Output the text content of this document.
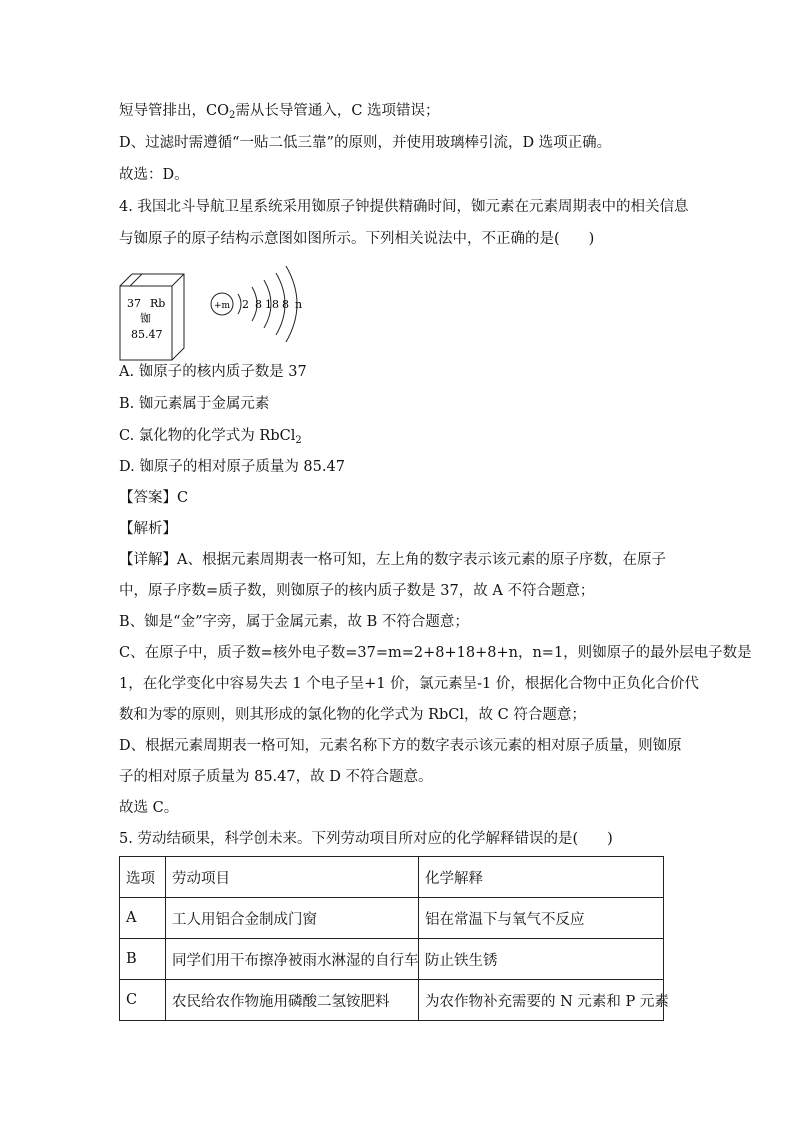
短导管排出，$CO_2$需从长导管通入，C 选项错误；
D、过滤时需遵循“一贴二低三靠”的原则，并使用玻璃棒引流，D 选项正确。
故选：D。
4. 我国北斗导航卫星系统采用铷原子钟提供精确时间，铷元素在元素周期表中的相关信息
与铷原子的原子结构示意图如图所示。下列相关说法中，不正确的是(　　)
37 Rb
铷
85.47
+m 2 8 18 8 n
A. 铷原子的核内质子数是 37
B. 铷元素属于金属元素
C. 氯化物的化学式为 RbCl$_2$
D. 铷原子的相对原子质量为 85.47
【答案】C
【解析】
【详解】A、根据元素周期表一格可知，左上角的数字表示该元素的原子序数，在原子
中，原子序数=质子数，则铷原子的核内质子数是 37，故 A 不符合题意；
B、铷是“金”字旁，属于金属元素，故 B 不符合题意；
C、在原子中，质子数=核外电子数=37=m=2+8+18+8+n，n=1，则铷原子的最外层电子数是
1，在化学变化中容易失去 1 个电子呈+1 价，氯元素呈-1 价，根据化合物中正负化合价代
数和为零的原则，则其形成的氯化物的化学式为 RbCl，故 C 符合题意；
D、根据元素周期表一格可知，元素名称下方的数字表示该元素的相对原子质量，则铷原
子的相对原子质量为 85.47，故 D 不符合题意。
故选 C。
5. 劳动结硕果，科学创未来。下列劳动项目所对应的化学解释错误的是(　　)
选项	劳动项目	化学解释
A	工人用铝合金制成门窗	铝在常温下与氧气不反应
B	同学们用干布擦净被雨水淋湿的自行车	防止铁生锈
C	农民给农作物施用磷酸二氢铵肥料	为农作物补充需要的 N 元素和 P 元素
